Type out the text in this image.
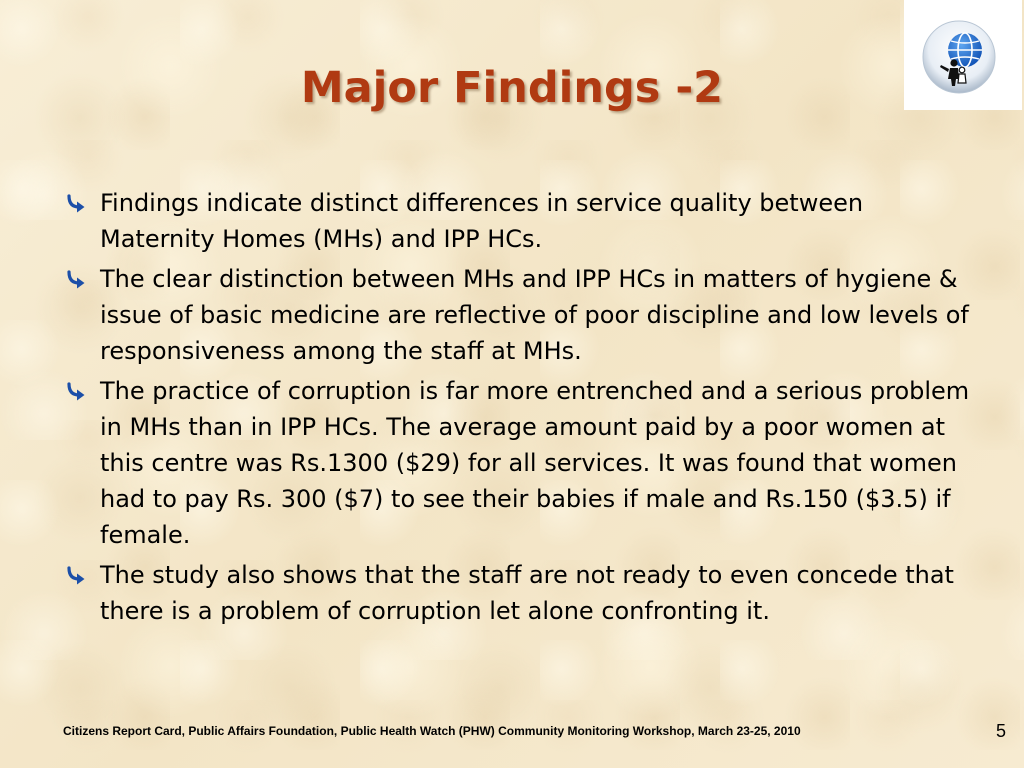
Major Findings -2
Findings indicate distinct differences in service quality between Maternity Homes (MHs) and IPP HCs.
The clear distinction between MHs and IPP HCs in matters of hygiene & issue of basic medicine are reflective of poor discipline and low levels of responsiveness among the staff at MHs.
The practice of corruption is far more entrenched and a serious problem in MHs than in IPP HCs. The average amount paid by a poor women at this centre was Rs.1300 ($29) for all services. It was found that women had to pay Rs. 300 ($7) to see their babies if male and Rs.150 ($3.5) if female.
The study also shows that the staff are not ready to even concede that there is a problem of corruption let alone confronting it.
Citizens Report Card, Public Affairs Foundation, Public Health Watch (PHW) Community Monitoring Workshop, March 23-25, 2010	5
